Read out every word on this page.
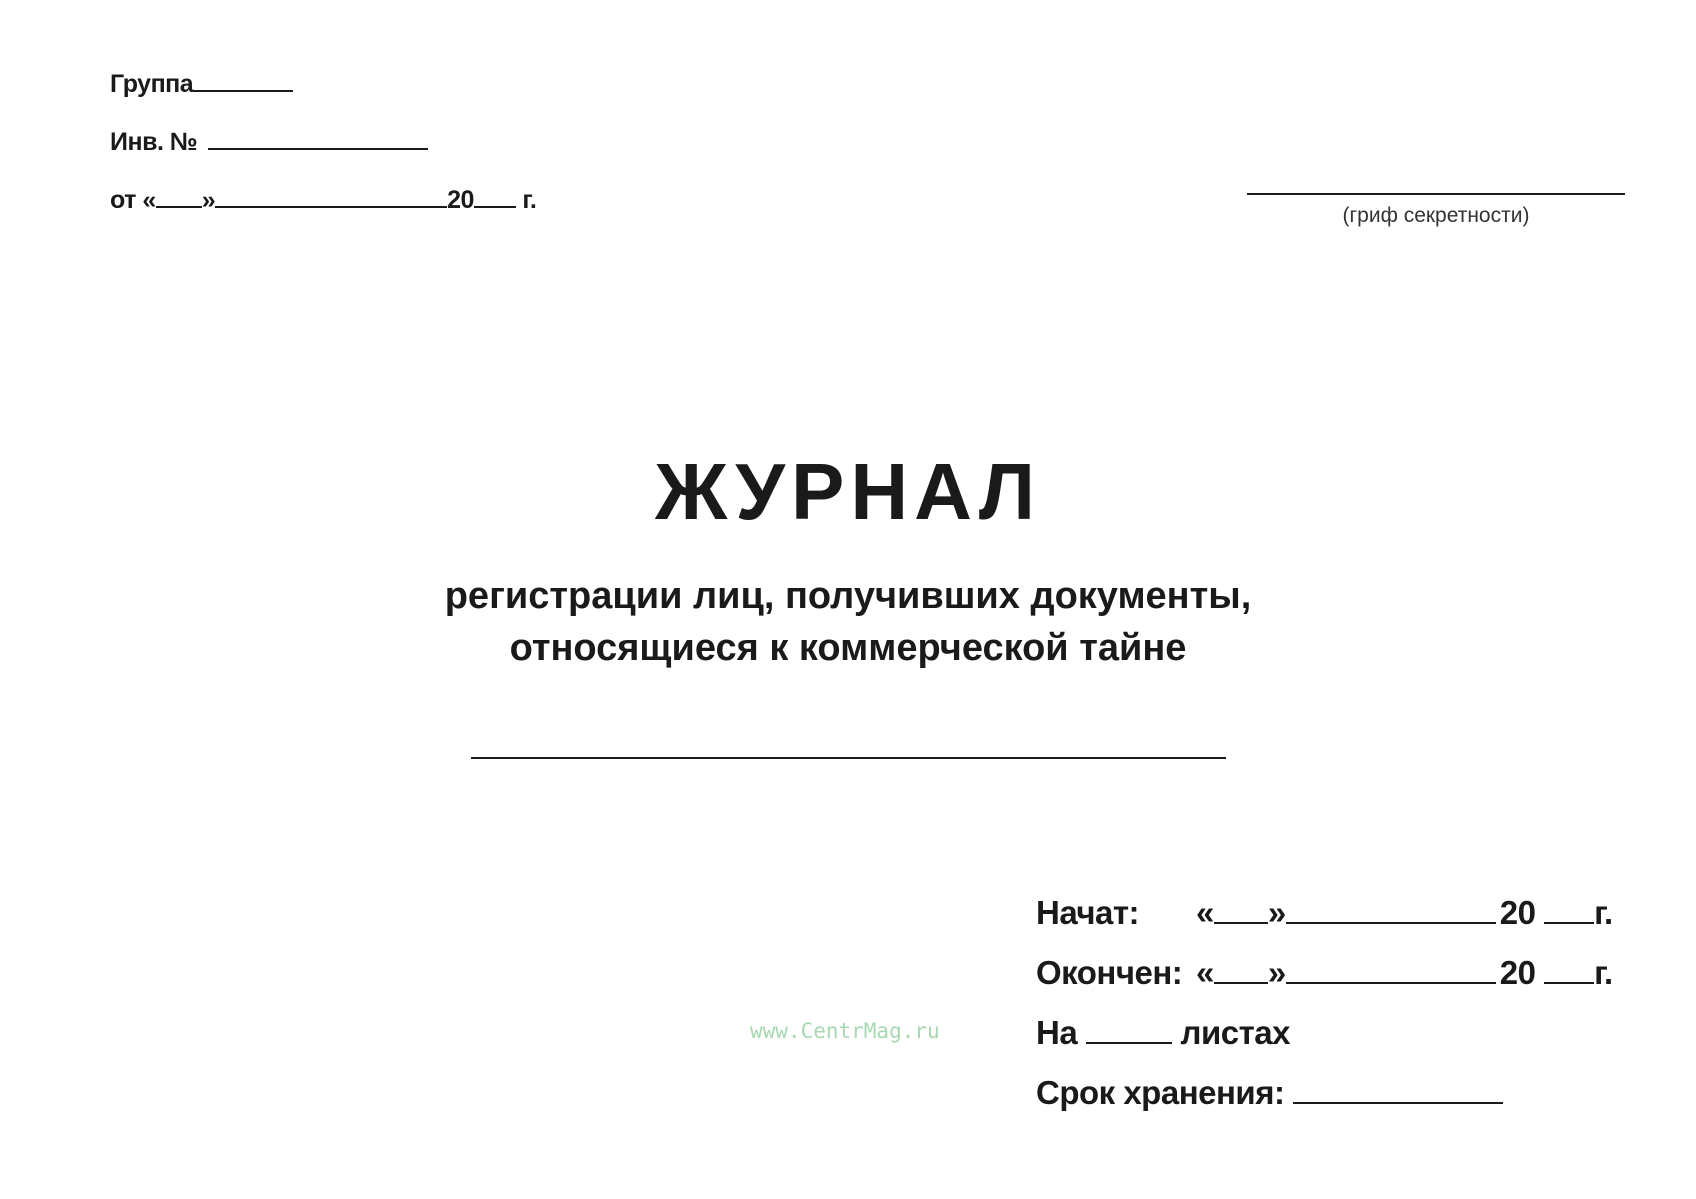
Группа
Инв. №
от « »	20 г.
(гриф секретности)
ЖУРНАЛ
регистрации лиц, получивших документы,
относящиеся к коммерческой тайне
Начат: « »	20 г.
Окончен: « »	20 г.
На	листах
Срок хранения:
www.CentrMag.ru
